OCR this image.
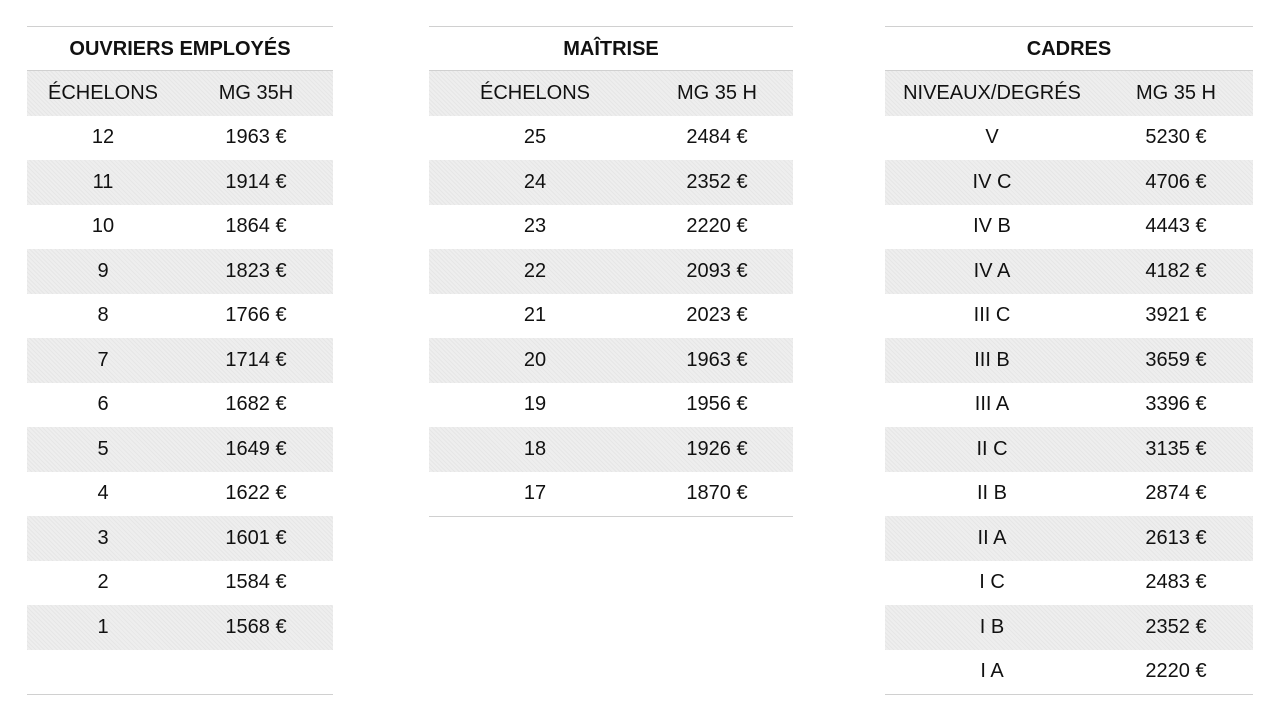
OUVRIERS EMPLOYÉS
ÉCHELONS	MG 35H
12	1963 €
11	1914 €
10	1864 €
9	1823 €
8	1766 €
7	1714 €
6	1682 €
5	1649 €
4	1622 €
3	1601 €
2	1584 €
1	1568 €
MAÎTRISE
ÉCHELONS	MG 35 H
25	2484 €
24	2352 €
23	2220 €
22	2093 €
21	2023 €
20	1963 €
19	1956 €
18	1926 €
17	1870 €
CADRES
NIVEAUX/DEGRÉS	MG 35 H
V	5230 €
IV C	4706 €
IV B	4443 €
IV A	4182 €
III C	3921 €
III B	3659 €
III A	3396 €
II C	3135 €
II B	2874 €
II A	2613 €
I C	2483 €
I B	2352 €
I A	2220 €
